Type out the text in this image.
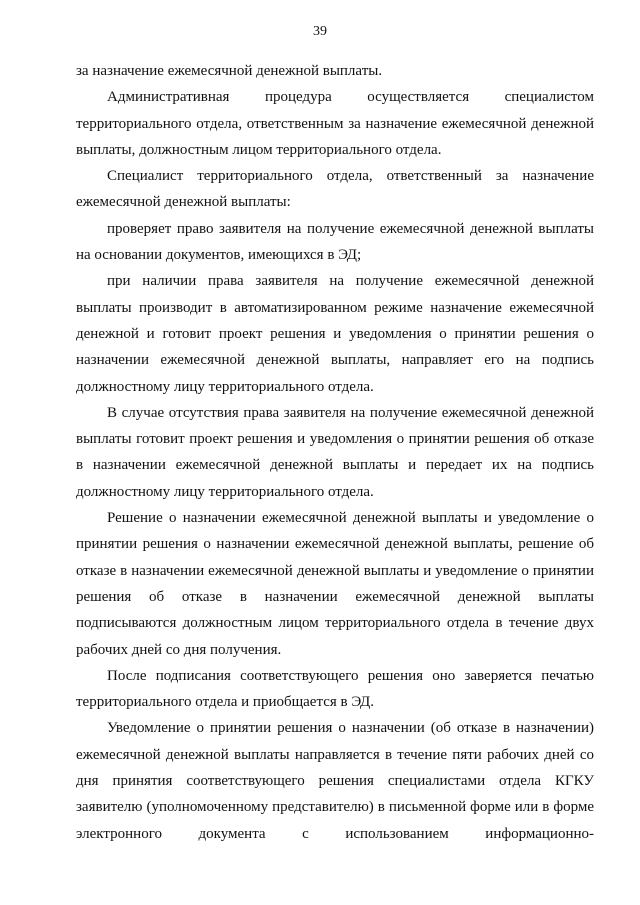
39

за назначение ежемесячной денежной выплаты.

Административная процедура осуществляется специалистом территориального отдела, ответственным за назначение ежемесячной денежной выплаты, должностным лицом территориального отдела.

Специалист территориального отдела, ответственный за назначение ежемесячной денежной выплаты:

проверяет право заявителя на получение ежемесячной денежной выплаты на основании документов, имеющихся в ЭД;

при наличии права заявителя на получение ежемесячной денежной выплаты производит в автоматизированном режиме назначение ежемесячной денежной и готовит проект решения и уведомления о принятии решения о назначении ежемесячной денежной выплаты, направляет его на подпись должностному лицу территориального отдела.

В случае отсутствия права заявителя на получение ежемесячной денежной выплаты готовит проект решения и уведомления о принятии решения об отказе в назначении ежемесячной денежной выплаты и передает их на подпись должностному лицу территориального отдела.

Решение о назначении ежемесячной денежной выплаты и уведомление о принятии решения о назначении ежемесячной денежной выплаты, решение об отказе в назначении ежемесячной денежной выплаты и уведомление о принятии решения об отказе в назначении ежемесячной денежной выплаты подписываются должностным лицом территориального отдела в течение двух рабочих дней со дня получения.

После подписания соответствующего решения оно заверяется печатью территориального отдела и приобщается в ЭД.

Уведомление о принятии решения о назначении (об отказе в назначении) ежемесячной денежной выплаты направляется в течение пяти рабочих дней со дня принятия соответствующего решения специалистами отдела КГКУ заявителю (уполномоченному представителю) в письменной форме или в форме электронного документа с использованием информационно-
